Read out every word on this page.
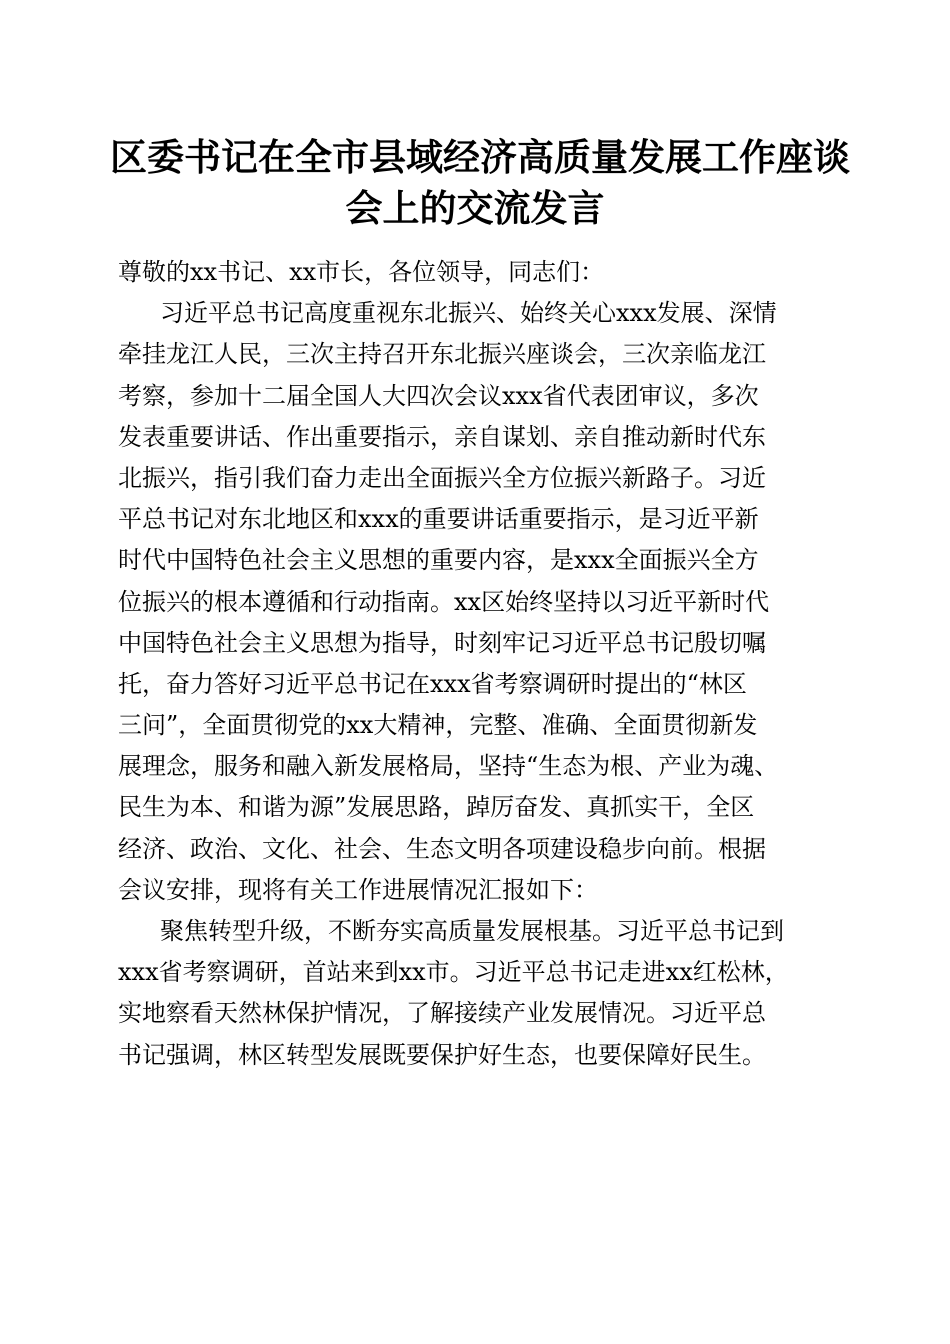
区委书记在全市县域经济高质量发展工作座谈
会上的交流发言
尊敬的xx书记、xx市长，各位领导，同志们：
习近平总书记高度重视东北振兴、始终关心xxx发展、深情
牵挂龙江人民，三次主持召开东北振兴座谈会，三次亲临龙江
考察，参加十二届全国人大四次会议xxx省代表团审议，多次
发表重要讲话、作出重要指示，亲自谋划、亲自推动新时代东
北振兴，指引我们奋力走出全面振兴全方位振兴新路子。习近
平总书记对东北地区和xxx的重要讲话重要指示，是习近平新
时代中国特色社会主义思想的重要内容，是xxx全面振兴全方
位振兴的根本遵循和行动指南。xx区始终坚持以习近平新时代
中国特色社会主义思想为指导，时刻牢记习近平总书记殷切嘱
托，奋力答好习近平总书记在xxx省考察调研时提出的“林区
三问”，全面贯彻党的xx大精神，完整、准确、全面贯彻新发
展理念，服务和融入新发展格局，坚持“生态为根、产业为魂、
民生为本、和谐为源”发展思路，踔厉奋发、真抓实干，全区
经济、政治、文化、社会、生态文明各项建设稳步向前。根据
会议安排，现将有关工作进展情况汇报如下：
聚焦转型升级，不断夯实高质量发展根基。习近平总书记到
xxx省考察调研，首站来到xx市。习近平总书记走进xx红松林，
实地察看天然林保护情况，了解接续产业发展情况。习近平总
书记强调，林区转型发展既要保护好生态，也要保障好民生。
